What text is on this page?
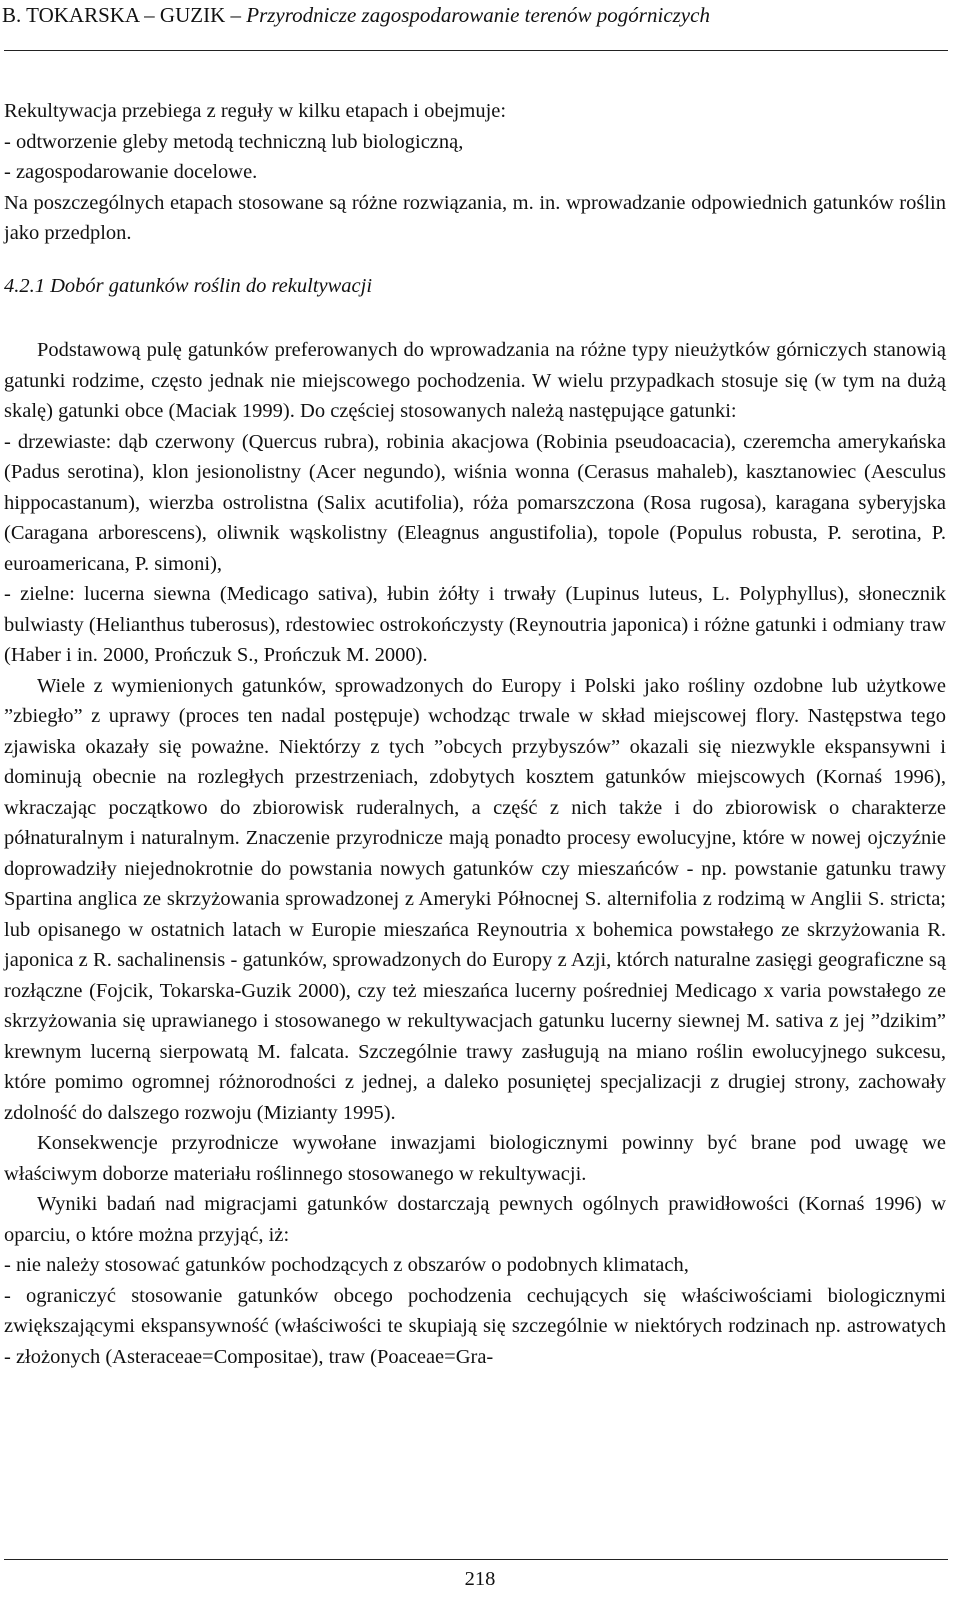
B. TOKARSKA – GUZIK – Przyrodnicze zagospodarowanie terenów pogórniczych

Rekultywacja przebiega z reguły w kilku etapach i obejmuje:

- odtworzenie gleby metodą techniczną lub biologiczną,

- zagospodarowanie docelowe.

Na poszczególnych etapach stosowane są różne rozwiązania, m. in. wprowadzanie odpowiednich gatunków roślin jako przedplon.

4.2.1 Dobór gatunków roślin do rekultywacji

Podstawową pulę gatunków preferowanych do wprowadzania na różne typy nieużytków górniczych stanowią gatunki rodzime, często jednak nie miejscowego pochodzenia. W wielu przypadkach stosuje się (w tym na dużą skalę) gatunki obce (Maciak 1999). Do częściej stosowanych należą następujące gatunki:

- drzewiaste: dąb czerwony (Quercus rubra), robinia akacjowa (Robinia pseudoacacia), czeremcha amerykańska (Padus serotina), klon jesionolistny (Acer negundo), wiśnia wonna (Cerasus mahaleb), kasztanowiec (Aesculus hippocastanum), wierzba ostrolistna (Salix acutifolia), róża pomarszczona (Rosa rugosa), karagana syberyjska (Caragana arborescens), oliwnik wąskolistny (Eleagnus angustifolia), topole (Populus robusta, P. serotina, P. euroamericana, P. simoni),

- zielne: lucerna siewna (Medicago sativa), łubin żółty i trwały (Lupinus luteus, L. Polyphyllus), słonecznik bulwiasty (Helianthus tuberosus), rdestowiec ostrokończysty (Reynoutria japonica) i różne gatunki i odmiany traw (Haber i in. 2000, Prończuk S., Prończuk M. 2000).

Wiele z wymienionych gatunków, sprowadzonych do Europy i Polski jako rośliny ozdobne lub użytkowe ”zbiegło” z uprawy (proces ten nadal postępuje) wchodząc trwale w skład miejscowej flory. Następstwa tego zjawiska okazały się poważne. Niektórzy z tych ”obcych przybyszów” okazali się niezwykle ekspansywni i dominują obecnie na rozległych przestrzeniach, zdobytych kosztem gatunków miejscowych (Kornaś 1996), wkraczając początkowo do zbiorowisk ruderalnych, a część z nich także i do zbiorowisk o charakterze półnaturalnym i naturalnym. Znaczenie przyrodnicze mają ponadto procesy ewolucyjne, które w nowej ojczyźnie doprowadziły niejednokrotnie do powstania nowych gatunków czy mieszańców - np. powstanie gatunku trawy Spartina anglica ze skrzyżowania sprowadzonej z Ameryki Północnej S. alternifolia z rodzimą w Anglii S. stricta; lub opisanego w ostatnich latach w Europie mieszańca Reynoutria x bohemica powstałego ze skrzyżowania R. japonica z R. sachalinensis - gatunków, sprowadzonych do Europy z Azji, którch naturalne zasięgi geograficzne są rozłączne (Fojcik, Tokarska-Guzik 2000), czy też mieszańca lucerny pośredniej Medicago x varia powstałego ze skrzyżowania się uprawianego i stosowanego w rekultywacjach gatunku lucerny siewnej M. sativa z jej ”dzikim” krewnym lucerną sierpowatą M. falcata. Szczególnie trawy zasługują na miano roślin ewolucyjnego sukcesu, które pomimo ogromnej różnorodności z jednej, a daleko posuniętej specjalizacji z drugiej strony, zachowały zdolność do dalszego rozwoju (Mizianty 1995).

Konsekwencje przyrodnicze wywołane inwazjami biologicznymi powinny być brane pod uwagę we właściwym doborze materiału roślinnego stosowanego w rekultywacji.

Wyniki badań nad migracjami gatunków dostarczają pewnych ogólnych prawidłowości (Kornaś 1996) w oparciu, o które można przyjąć, iż:

- nie należy stosować gatunków pochodzących z obszarów o podobnych klimatach,

- ograniczyć stosowanie gatunków obcego pochodzenia cechujących się właściwościami biologicznymi zwiększającymi ekspansywność (właściwości te skupiają się szczególnie w niektórych rodzinach np. astrowatych - złożonych (Asteraceae=Compositae), traw (Poaceae=Gra-

218
